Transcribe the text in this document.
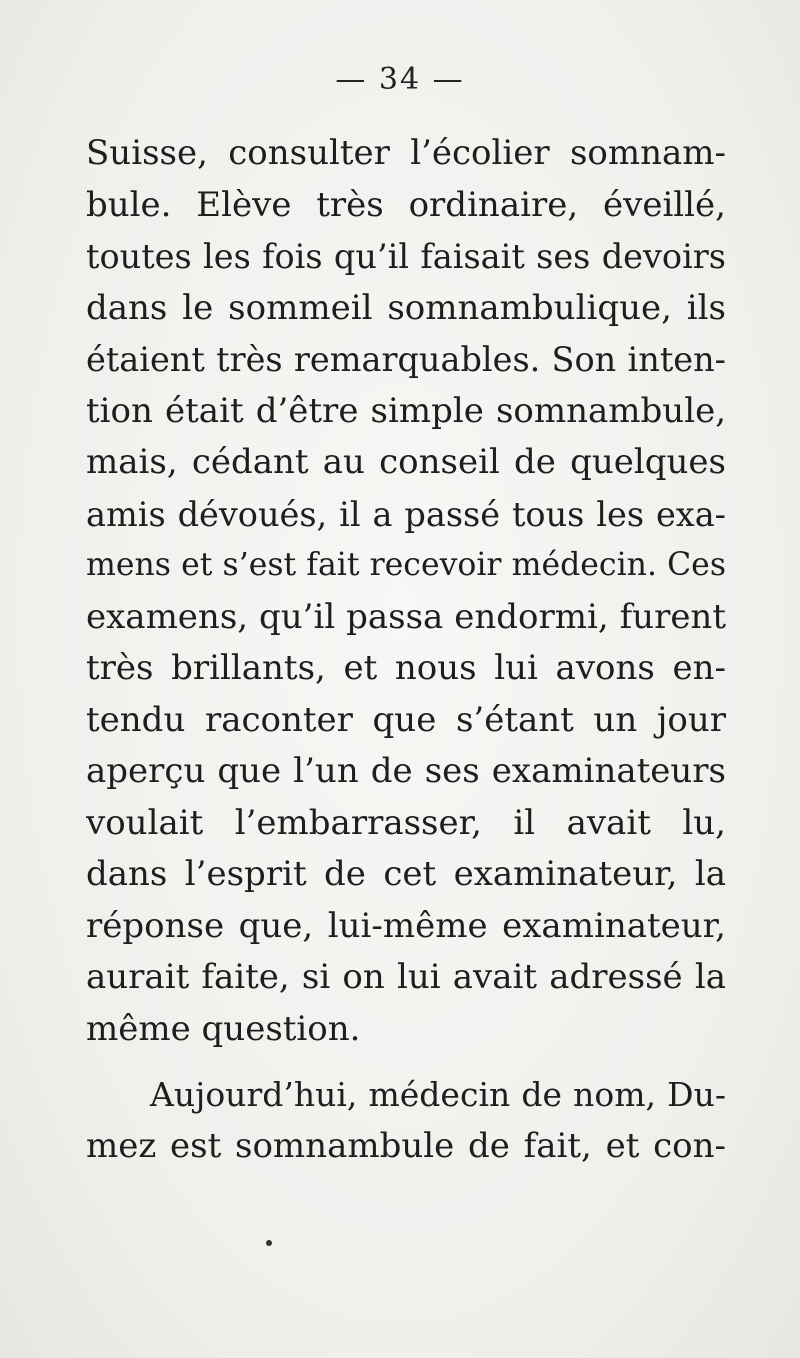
— 34 —
Suisse, consulter l’écolier somnam-
bule. Elève très ordinaire, éveillé,
toutes les fois qu’il faisait ses devoirs
dans le sommeil somnambulique, ils
étaient très remarquables. Son inten-
tion était d’être simple somnambule,
mais, cédant au conseil de quelques
amis dévoués, il a passé tous les exa-
mens et s’est fait recevoir médecin. Ces
examens, qu’il passa endormi, furent
très brillants, et nous lui avons en-
tendu raconter que s’étant un jour
aperçu que l’un de ses examinateurs
voulait l’embarrasser, il avait lu,
dans l’esprit de cet examinateur, la
réponse que, lui-même examinateur,
aurait faite, si on lui avait adressé la
même question.
Aujourd’hui, médecin de nom, Du-
mez est somnambule de fait, et con-
